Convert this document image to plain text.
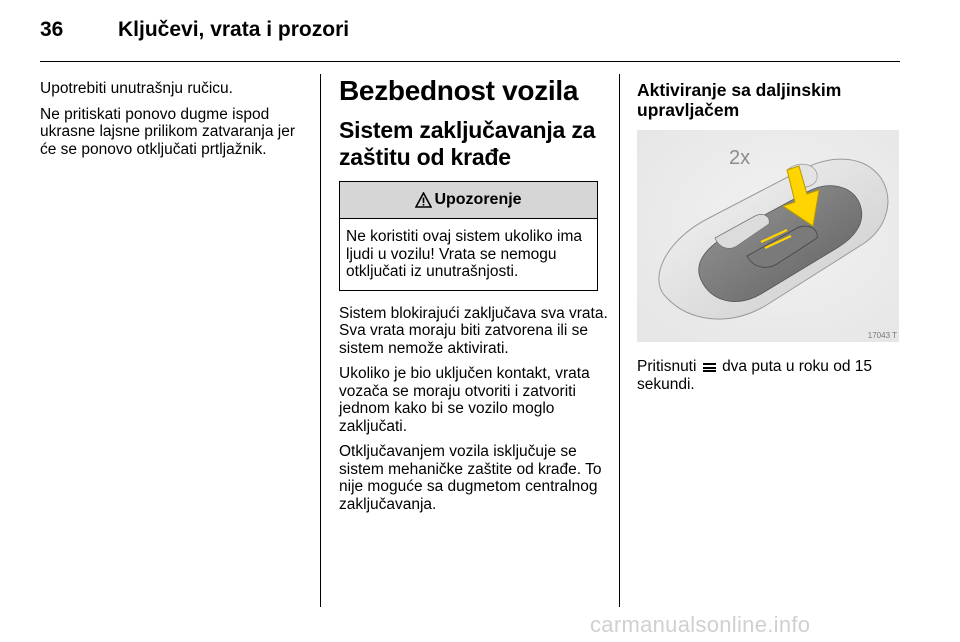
36	Ključevi, vrata i prozori

Upotrebiti unutrašnju ručicu.

Ne pritiskati ponovo dugme ispod ukrasne lajsne prilikom zatvaranja jer će se ponovo otključati prtljažnik.

Bezbednost vozila
Sistem zaključavanja za zaštitu od krađe
Upozorenje
Ne koristiti ovaj sistem ukoliko ima ljudi u vozilu! Vrata se nemogu otključati iz unutrašnjosti.

Sistem blokirajući zaključava sva vrata. Sva vrata moraju biti zatvorena ili se sistem nemože aktivirati.

Ukoliko je bio uključen kontakt, vrata vozača se moraju otvoriti i zatvoriti jednom kako bi se vozilo moglo zaključati.

Otključavanjem vozila isključuje se sistem mehaničke zaštite od krađe. To nije moguće sa dugmetom centralnog zaključavanja.

Aktiviranje sa daljinskim upravljačem
2x
17043 T

Pritisnuti dva puta u roku od 15 sekundi.

carmanualsonline.info
